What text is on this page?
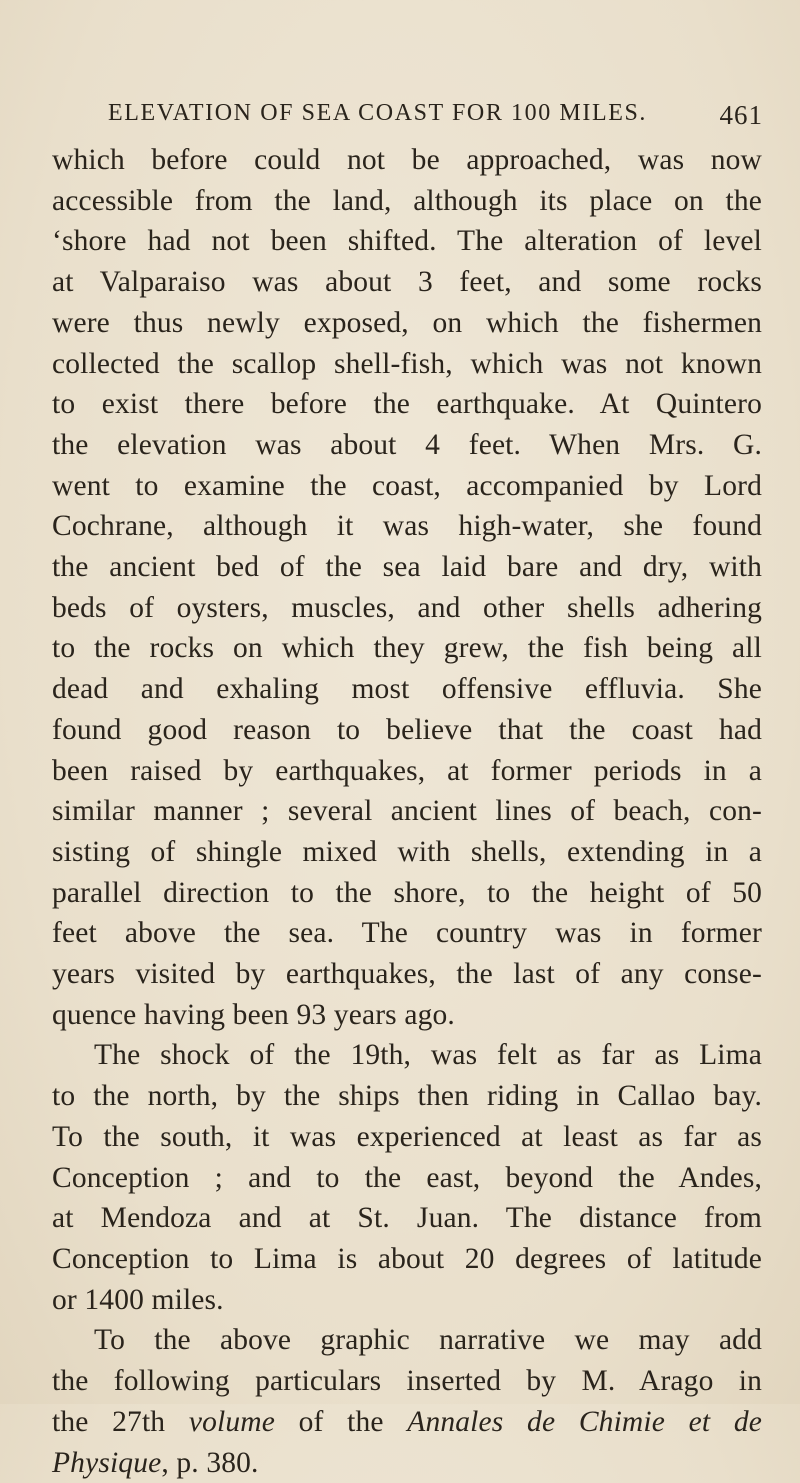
ELEVATION OF SEA COAST FOR 100 MILES.	461
which before could not be approached, was now
accessible from the land, although its place on the
‘shore had not been shifted. The alteration of level
at Valparaiso was about 3 feet, and some rocks
were thus newly exposed, on which the fishermen
collected the scallop shell-fish, which was not known
to exist there before the earthquake. At Quintero
the elevation was about 4 feet. When Mrs. G.
went to examine the coast, accompanied by Lord
Cochrane, although it was high-water, she found
the ancient bed of the sea laid bare and dry, with
beds of oysters, muscles, and other shells adhering
to the rocks on which they grew, the fish being all
dead and exhaling most offensive effluvia. She
found good reason to believe that the coast had
been raised by earthquakes, at former periods in a
similar manner ; several ancient lines of beach, con-
sisting of shingle mixed with shells, extending in a
parallel direction to the shore, to the height of 50
feet above the sea. The country was in former
years visited by earthquakes, the last of any conse-
quence having been 93 years ago.
The shock of the 19th, was felt as far as Lima
to the north, by the ships then riding in Callao bay.
To the south, it was experienced at least as far as
Conception ; and to the east, beyond the Andes,
at Mendoza and at St. Juan. The distance from
Conception to Lima is about 20 degrees of latitude
or 1400 miles.
To the above graphic narrative we may add
the following particulars inserted by M. Arago in
the 27th volume of the Annales de Chimie et de
Physique, p. 380.
